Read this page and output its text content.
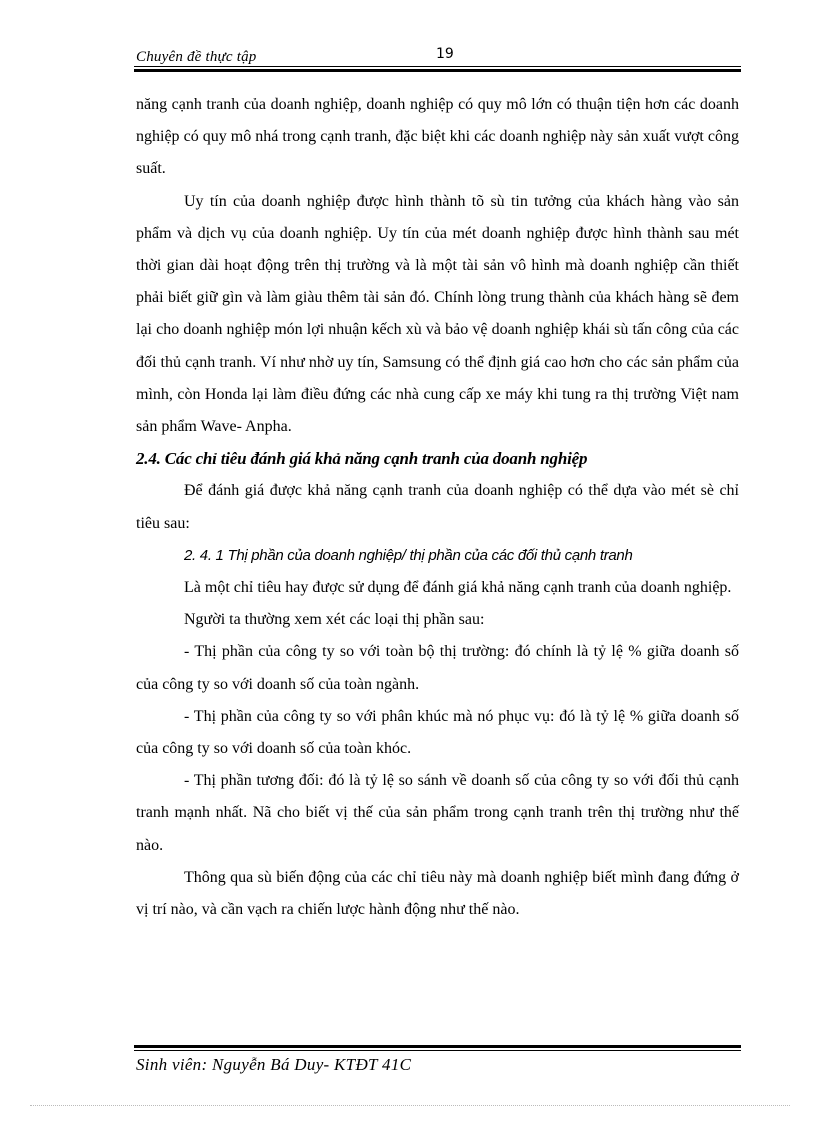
Chuyên đề thực tập	19

năng cạnh tranh của doanh nghiệp, doanh nghiệp có quy mô lớn có thuận tiện hơn các doanh nghiệp có quy mô nhá trong cạnh tranh, đặc biệt khi các doanh nghiệp này sản xuất vượt công suất.

Uy tín của doanh nghiệp được hình thành tõ sù tin tưởng của khách hàng vào sản phẩm và dịch vụ của doanh nghiệp. Uy tín của mét doanh nghiệp được hình thành sau mét thời gian dài hoạt động trên thị trường và là một tài sản vô hình mà doanh nghiệp cần thiết phải biết giữ gìn và làm giàu thêm tài sản đó. Chính lòng trung thành của khách hàng sẽ đem lại cho doanh nghiệp món lợi nhuận kếch xù và bảo vệ doanh nghiệp khái sù tấn công của các đối thủ cạnh tranh. Ví như nhờ uy tín, Samsung có thể định giá cao hơn cho các sản phẩm của mình, còn Honda lại làm điều đứng các nhà cung cấp xe máy khi tung ra thị trường Việt nam sản phẩm Wave- Anpha.

2.4. Các chỉ tiêu đánh giá khả năng cạnh tranh của doanh nghiệp

Để đánh giá được khả năng cạnh tranh của doanh nghiệp có thể dựa vào mét sè chỉ tiêu sau:

2. 4. 1 Thị phần của doanh nghiệp/ thị phần của các đối thủ cạnh tranh

Là một chỉ tiêu hay được sử dụng để đánh giá khả năng cạnh tranh của doanh nghiệp.

Người ta thường xem xét các loại thị phần sau:

- Thị phần của công ty so với toàn bộ thị trường: đó chính là tỷ lệ % giữa doanh số của công ty so với doanh số của toàn ngành.

- Thị phần của công ty so với phân khúc mà nó phục vụ: đó là tỷ lệ % giữa doanh số của công ty so với doanh số của toàn khóc.

- Thị phần tương đối: đó là tỷ lệ so sánh về doanh số của công ty so với đối thủ cạnh tranh mạnh nhất. Nã cho biết vị thế của sản phẩm trong cạnh tranh trên thị trường như thế nào.

Thông qua sù biến động của các chỉ tiêu này mà doanh nghiệp biết mình đang đứng ở vị trí nào, và cần vạch ra chiến lược hành động như thế nào.

Sinh viên: Nguyễn Bá Duy- KTĐT 41C
